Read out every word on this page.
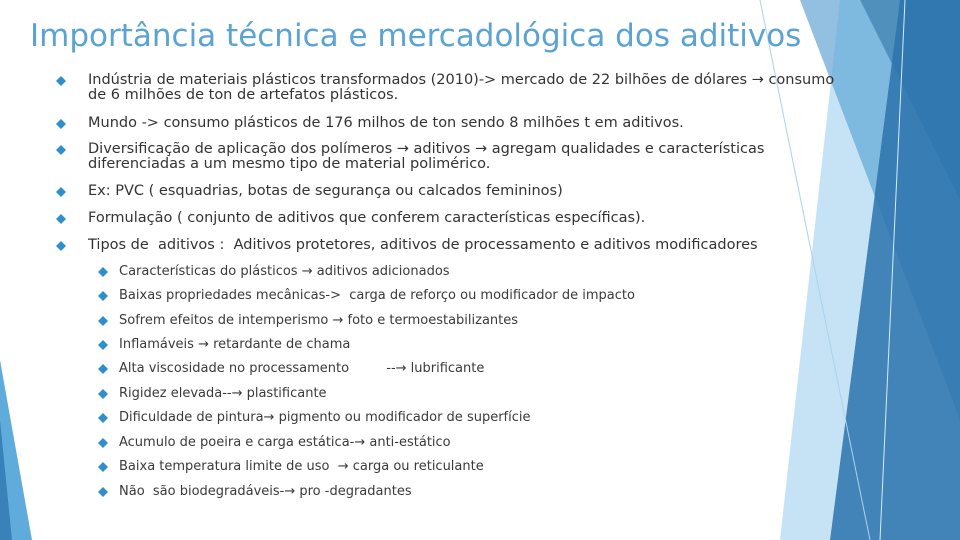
Importância técnica e mercadológica dos aditivos
Indústria de materiais plásticos transformados (2010)-> mercado de 22 bilhões de dólares → consumo
de 6 milhões de ton de artefatos plásticos.
Mundo -> consumo plásticos de 176 milhos de ton sendo 8 milhões t em aditivos.
Diversificação de aplicação dos polímeros → aditivos → agregam qualidades e características
diferenciadas a um mesmo tipo de material polimérico.
Ex: PVC ( esquadrias, botas de segurança ou calcados femininos)
Formulação ( conjunto de aditivos que conferem características específicas).
Tipos de  aditivos :  Aditivos protetores, aditivos de processamento e aditivos modificadores
Características do plásticos → aditivos adicionados
Baixas propriedades mecânicas->  carga de reforço ou modificador de impacto
Sofrem efeitos de intemperismo → foto e termoestabilizantes
Inflamáveis → retardante de chama
Alta viscosidade no processamento         --→ lubrificante
Rigidez elevada--→ plastificante
Dificuldade de pintura→ pigmento ou modificador de superfície
Acumulo de poeira e carga estática-→ anti-estático
Baixa temperatura limite de uso  → carga ou reticulante
Não  são biodegradáveis-→ pro -degradantes
